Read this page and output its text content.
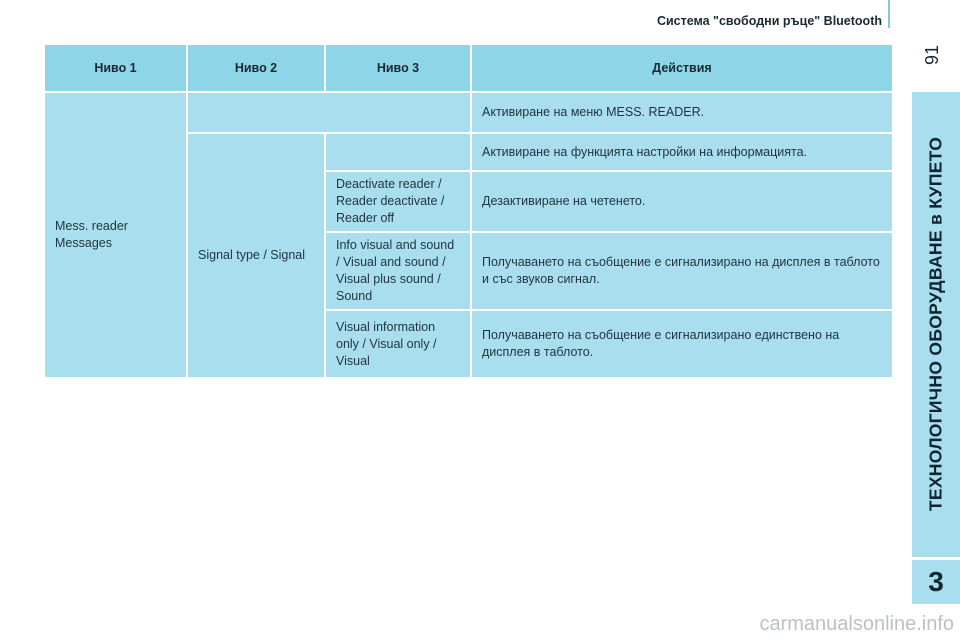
Система "свободни ръце" Bluetooth
91
ТЕХНОЛОГИЧНО ОБОРУДВАНЕ в КУПЕТО
3
Ниво 1	Ниво 2	Ниво 3	Действия
Mess. reader Messages			Активиране на меню MESS. READER.
	Signal type / Signal		Активиране на функцията настройки на информацията.
		Deactivate reader / Reader deactivate / Reader off	Дезактивиране на четенето.
		Info visual and sound / Visual and sound / Visual plus sound / Sound	Получаването на съобщение е сигнализирано на дисплея в таблото и със звуков сигнал.
		Visual information only / Visual only / Visual	Получаването на съобщение е сигнализирано единствено на дисплея в таблото.
carmanualsonline.info
